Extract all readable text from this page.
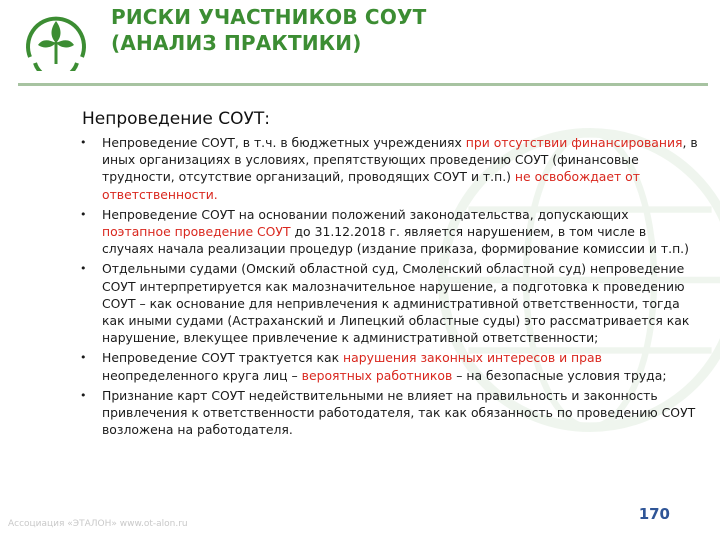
РИСКИ УЧАСТНИКОВ СОУТ
(АНАЛИЗ ПРАКТИКИ)
Непроведение СОУТ:
• Непроведение СОУТ, в т.ч. в бюджетных учреждениях при отсутствии финансирования, в иных организациях в условиях, препятствующих проведению СОУТ (финансовые трудности, отсутствие организаций, проводящих СОУТ и т.п.) не освобождает от ответственности.
• Непроведение СОУТ на основании положений законодательства, допускающих поэтапное проведение СОУТ до 31.12.2018 г. является нарушением, в том числе в случаях начала реализации процедур (издание приказа, формирование комиссии и т.п.)
• Отдельными судами (Омский областной суд, Смоленский областной суд) непроведение СОУТ интерпретируется как малозначительное нарушение, а подготовка к проведению СОУТ – как основание для непривлечения к административной ответственности, тогда как иными судами (Астраханский и Липецкий областные суды) это рассматривается как нарушение, влекущее привлечение к административной ответственности;
• Непроведение СОУТ трактуется как нарушения законных интересов и прав неопределенного круга лиц – вероятных работников – на безопасные условия труда;
• Признание карт СОУТ недействительными не влияет на правильность и законность привлечения к ответственности работодателя, так как обязанность по проведению СОУТ возложена на работодателя.
Ассоциация «ЭТАЛОН» www.ot-alon.ru
170
